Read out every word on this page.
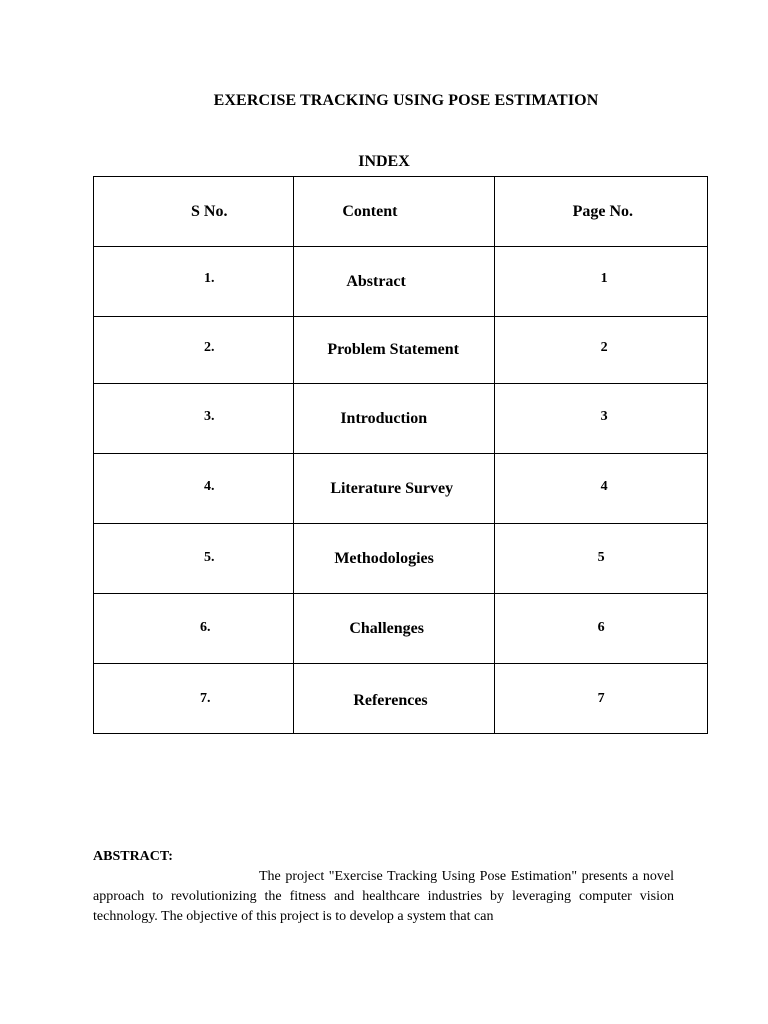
EXERCISE TRACKING USING POSE ESTIMATION
INDEX
S No.	Content	Page No.
1.	Abstract	1
2.	Problem Statement	2
3.	Introduction	3
4.	Literature Survey	4
5.	Methodologies	5
6.	Challenges	6
7.	References	7
ABSTRACT:

The project "Exercise Tracking Using Pose Estimation" presents a novel approach to revolutionizing the fitness and healthcare industries by leveraging computer vision technology. The objective of this project is to develop a system that can
